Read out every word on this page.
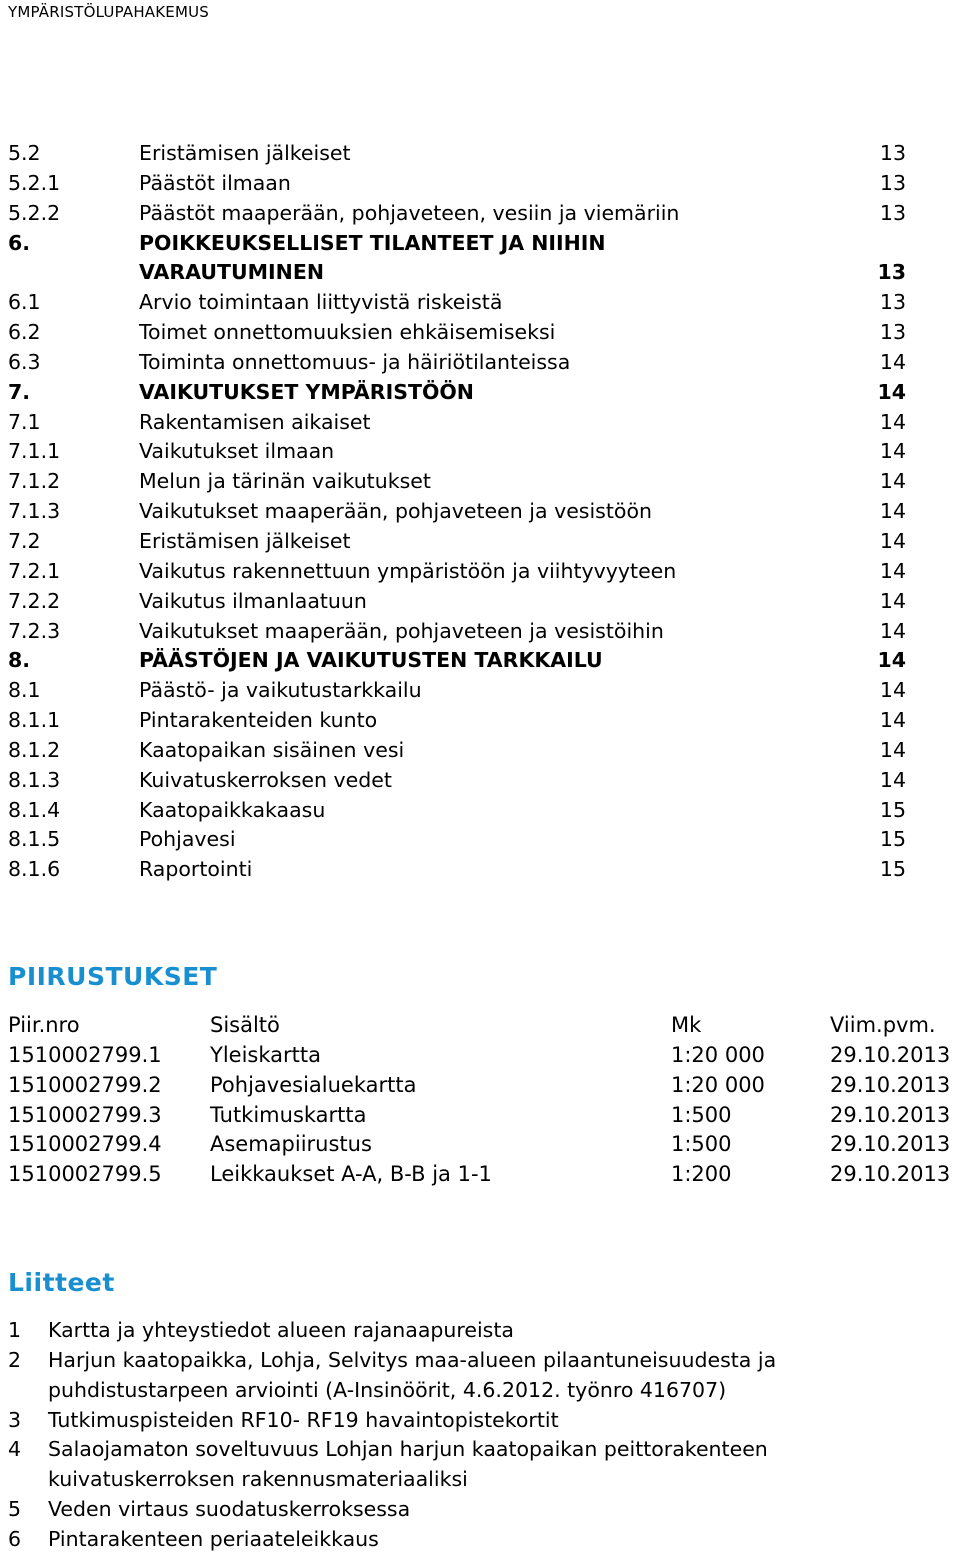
YMPÄRISTÖLUPAHAKEMUS
5.2	Eristämisen jälkeiset	13
5.2.1	Päästöt ilmaan	13
5.2.2	Päästöt maaperään, pohjaveteen, vesiin ja viemäriin	13
6.	POIKKEUKSELLISET TILANTEET JA NIIHIN VARAUTUMINEN	13
6.1	Arvio toimintaan liittyvistä riskeistä	13
6.2	Toimet onnettomuuksien ehkäisemiseksi	13
6.3	Toiminta onnettomuus- ja häiriötilanteissa	14
7.	VAIKUTUKSET YMPÄRISTÖÖN	14
7.1	Rakentamisen aikaiset	14
7.1.1	Vaikutukset ilmaan	14
7.1.2	Melun ja tärinän vaikutukset	14
7.1.3	Vaikutukset maaperään, pohjaveteen ja vesistöön	14
7.2	Eristämisen jälkeiset	14
7.2.1	Vaikutus rakennettuun ympäristöön ja viihtyvyyteen	14
7.2.2	Vaikutus ilmanlaatuun	14
7.2.3	Vaikutukset maaperään, pohjaveteen ja vesistöihin	14
8.	PÄÄSTÖJEN JA VAIKUTUSTEN TARKKAILU	14
8.1	Päästö- ja vaikutustarkkailu	14
8.1.1	Pintarakenteiden kunto	14
8.1.2	Kaatopaikan sisäinen vesi	14
8.1.3	Kuivatuskerroksen vedet	14
8.1.4	Kaatopaikkakaasu	15
8.1.5	Pohjavesi	15
8.1.6	Raportointi	15
PIIRUSTUKSET
Piir.nro	Sisältö	Mk	Viim.pvm.
1510002799.1 Yleiskartta	1:20 000	29.10.2013
1510002799.2 Pohjavesialuekartta	1:20 000	29.10.2013
1510002799.3 Tutkimuskartta	1:500	29.10.2013
1510002799.4 Asemapiirustus	1:500	29.10.2013
1510002799.5 Leikkaukset A-A, B-B ja 1-1	1:200	29.10.2013
Liitteet
1 Kartta ja yhteystiedot alueen rajanaapureista
2 Harjun kaatopaikka, Lohja, Selvitys maa-alueen pilaantuneisuudesta ja puhdistustarpeen arviointi (A-Insinöörit, 4.6.2012. työnro 416707)
3 Tutkimuspisteiden RF10- RF19 havaintopistekortit
4 Salaojamaton soveltuvuus Lohjan harjun kaatopaikan peittorakenteen kuivatuskerroksen rakennusmateriaaliksi
5 Veden virtaus suodatuskerroksessa
6 Pintarakenteen periaateleikkaus
